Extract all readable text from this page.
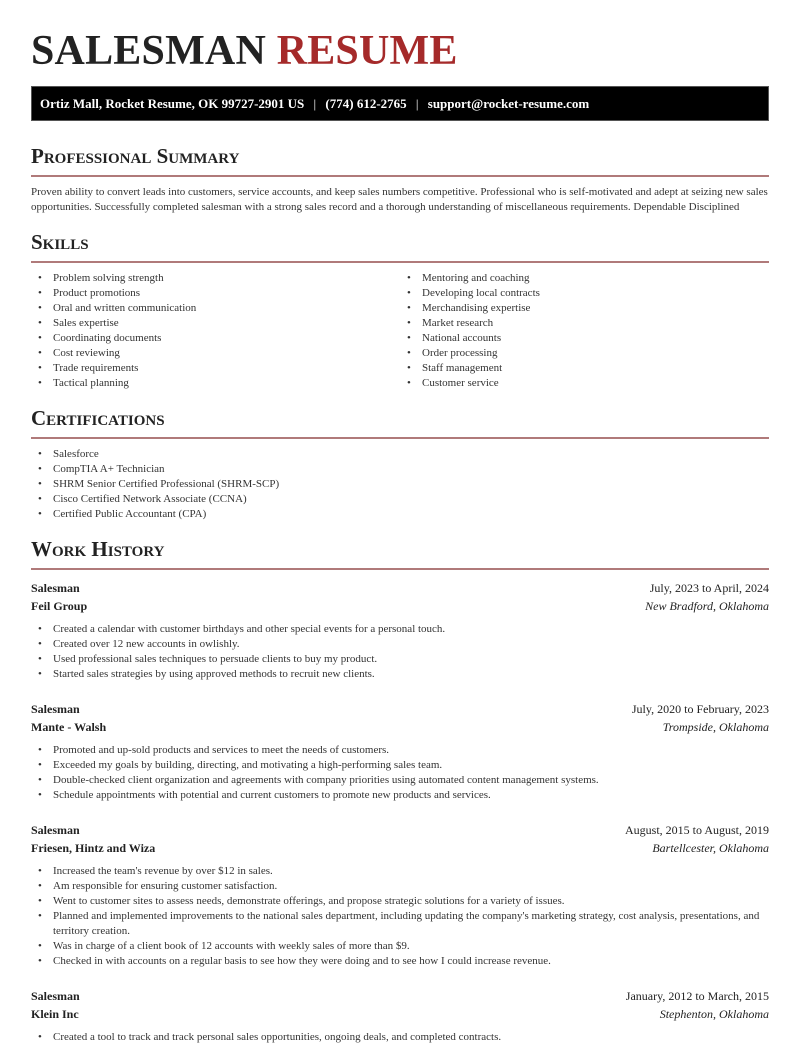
SALESMAN RESUME
Ortiz Mall, Rocket Resume, OK 99727-2901 US | (774) 612-2765 | support@rocket-resume.com
Professional Summary

Proven ability to convert leads into customers, service accounts, and keep sales numbers competitive. Professional who is self-motivated and adept at seizing new sales opportunities. Successfully completed salesman with a strong sales record and a thorough understanding of miscellaneous requirements. Dependable Disciplined

Skills
• Problem solving strength
• Product promotions
• Oral and written communication
• Sales expertise
• Coordinating documents
• Cost reviewing
• Trade requirements
• Tactical planning
• Mentoring and coaching
• Developing local contracts
• Merchandising expertise
• Market research
• National accounts
• Order processing
• Staff management
• Customer service
Certifications
• Salesforce
• CompTIA A+ Technician
• SHRM Senior Certified Professional (SHRM-SCP)
• Cisco Certified Network Associate (CCNA)
• Certified Public Accountant (CPA)
Work History
Salesman	July, 2023 to April, 2024
Feil Group	New Bradford, Oklahoma
• Created a calendar with customer birthdays and other special events for a personal touch.
• Created over 12 new accounts in owlishly.
• Used professional sales techniques to persuade clients to buy my product.
• Started sales strategies by using approved methods to recruit new clients.
Salesman	July, 2020 to February, 2023
Mante - Walsh	Trompside, Oklahoma
• Promoted and up-sold products and services to meet the needs of customers.
• Exceeded my goals by building, directing, and motivating a high-performing sales team.
• Double-checked client organization and agreements with company priorities using automated content management systems.
• Schedule appointments with potential and current customers to promote new products and services.
Salesman	August, 2015 to August, 2019
Friesen, Hintz and Wiza	Bartellcester, Oklahoma
• Increased the team's revenue by over $12 in sales.
• Am responsible for ensuring customer satisfaction.
• Went to customer sites to assess needs, demonstrate offerings, and propose strategic solutions for a variety of issues.
• Planned and implemented improvements to the national sales department, including updating the company's marketing strategy, cost analysis, presentations, and territory creation.
• Was in charge of a client book of 12 accounts with weekly sales of more than $9.
• Checked in with accounts on a regular basis to see how they were doing and to see how I could increase revenue.
Salesman	January, 2012 to March, 2015
Klein Inc	Stephenton, Oklahoma
• Created a tool to track and track personal sales opportunities, ongoing deals, and completed contracts.
